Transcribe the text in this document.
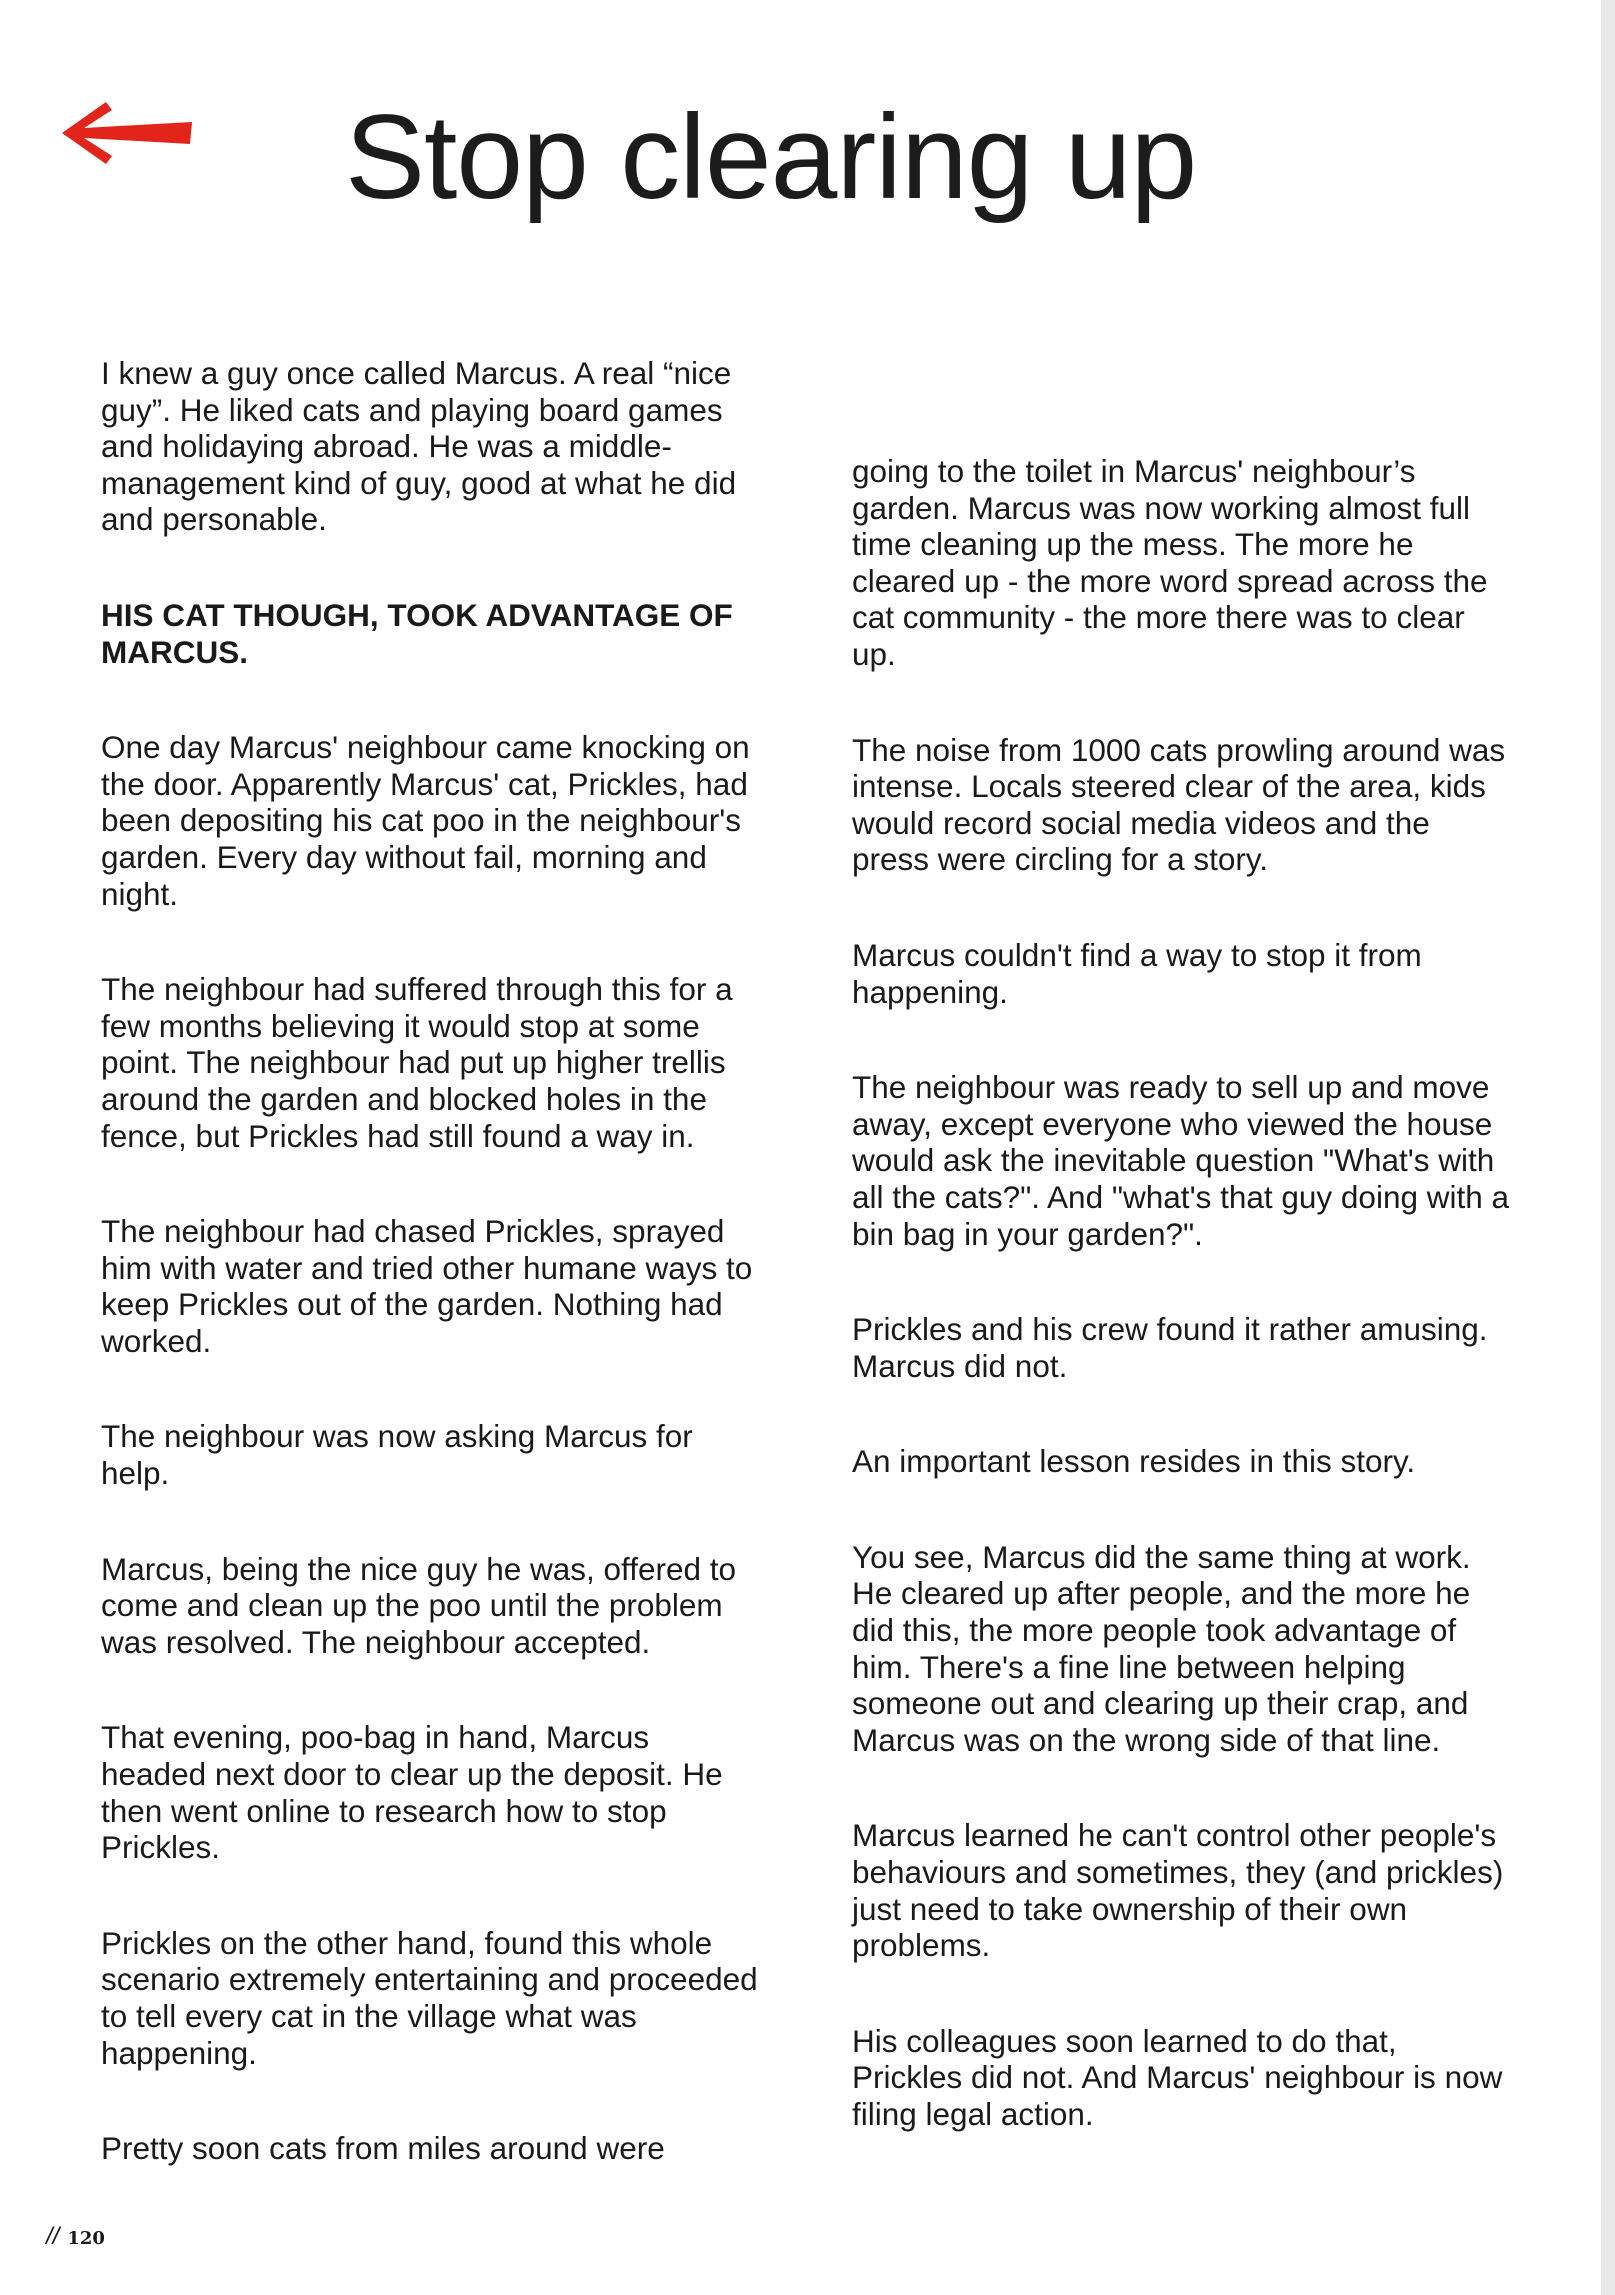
Stop clearing up

I knew a guy once called Marcus. A real “nice guy”. He liked cats and playing board games and holidaying abroad. He was a middle-management kind of guy, good at what he did and personable.

HIS CAT THOUGH, TOOK ADVANTAGE OF MARCUS.

One day Marcus' neighbour came knocking on the door. Apparently Marcus' cat, Prickles, had been depositing his cat poo in the neighbour's garden. Every day without fail, morning and night.

The neighbour had suffered through this for a few months believing it would stop at some point. The neighbour had put up higher trellis around the garden and blocked holes in the fence, but Prickles had still found a way in.

The neighbour had chased Prickles, sprayed him with water and tried other humane ways to keep Prickles out of the garden. Nothing had worked.

The neighbour was now asking Marcus for help.

Marcus, being the nice guy he was, offered to come and clean up the poo until the problem was resolved. The neighbour accepted.

That evening, poo-bag in hand, Marcus headed next door to clear up the deposit. He then went online to research how to stop Prickles.

Prickles on the other hand, found this whole scenario extremely entertaining and proceeded to tell every cat in the village what was happening.

Pretty soon cats from miles around were

going to the toilet in Marcus' neighbour’s garden. Marcus was now working almost full time cleaning up the mess. The more he cleared up - the more word spread across the cat community - the more there was to clear up.

The noise from 1000 cats prowling around was intense. Locals steered clear of the area, kids would record social media videos and the press were circling for a story.

Marcus couldn't find a way to stop it from happening.

The neighbour was ready to sell up and move away, except everyone who viewed the house would ask the inevitable question "What's with all the cats?". And "what's that guy doing with a bin bag in your garden?".

Prickles and his crew found it rather amusing. Marcus did not.

An important lesson resides in this story.

You see, Marcus did the same thing at work. He cleared up after people, and the more he did this, the more people took advantage of him. There's a fine line between helping someone out and clearing up their crap, and Marcus was on the wrong side of that line.

Marcus learned he can't control other people's behaviours and sometimes, they (and prickles) just need to take ownership of their own problems.

His colleagues soon learned to do that, Prickles did not. And Marcus' neighbour is now filing legal action.

// 120
